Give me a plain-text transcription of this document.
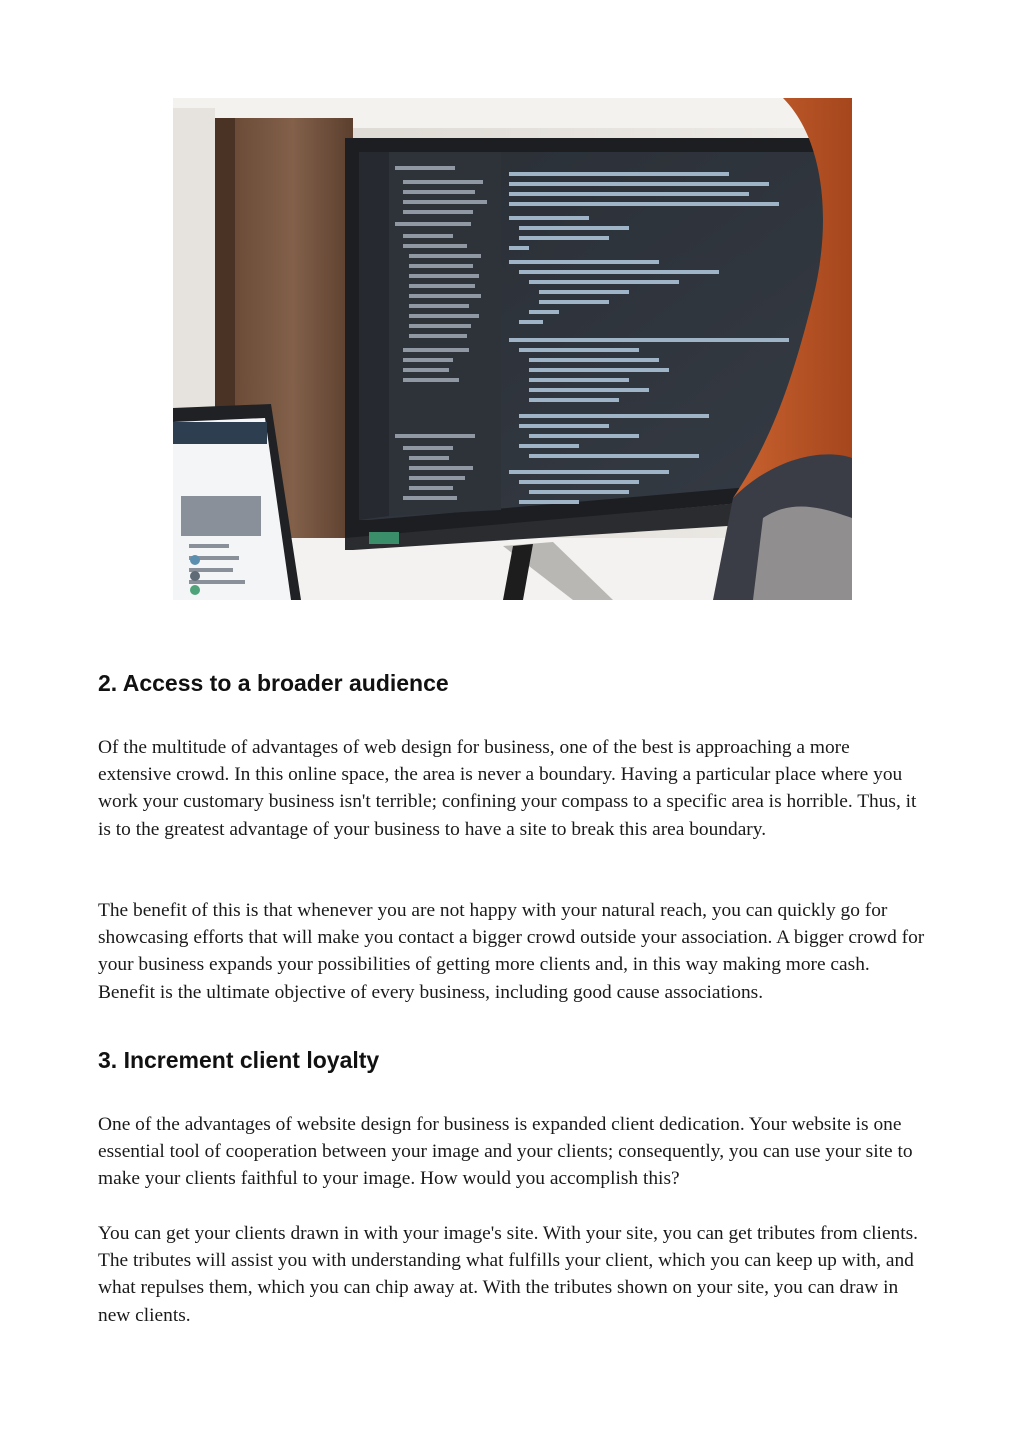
2. Access to a broader audience

Of the multitude of advantages of web design for business, one of the best is approaching a more extensive crowd. In this online space, the area is never a boundary. Having a particular place where you work your customary business isn't terrible; confining your compass to a specific area is horrible. Thus, it is to the greatest advantage of your business to have a site to break this area boundary.

The benefit of this is that whenever you are not happy with your natural reach, you can quickly go for showcasing efforts that will make you contact a bigger crowd outside your association. A bigger crowd for your business expands your possibilities of getting more clients and, in this way making more cash. Benefit is the ultimate objective of every business, including good cause associations.

3. Increment client loyalty

One of the advantages of website design for business is expanded client dedication. Your website is one essential tool of cooperation between your image and your clients; consequently, you can use your site to make your clients faithful to your image. How would you accomplish this?

You can get your clients drawn in with your image's site. With your site, you can get tributes from clients. The tributes will assist you with understanding what fulfills your client, which you can keep up with, and what repulses them, which you can chip away at. With the tributes shown on your site, you can draw in new clients.
